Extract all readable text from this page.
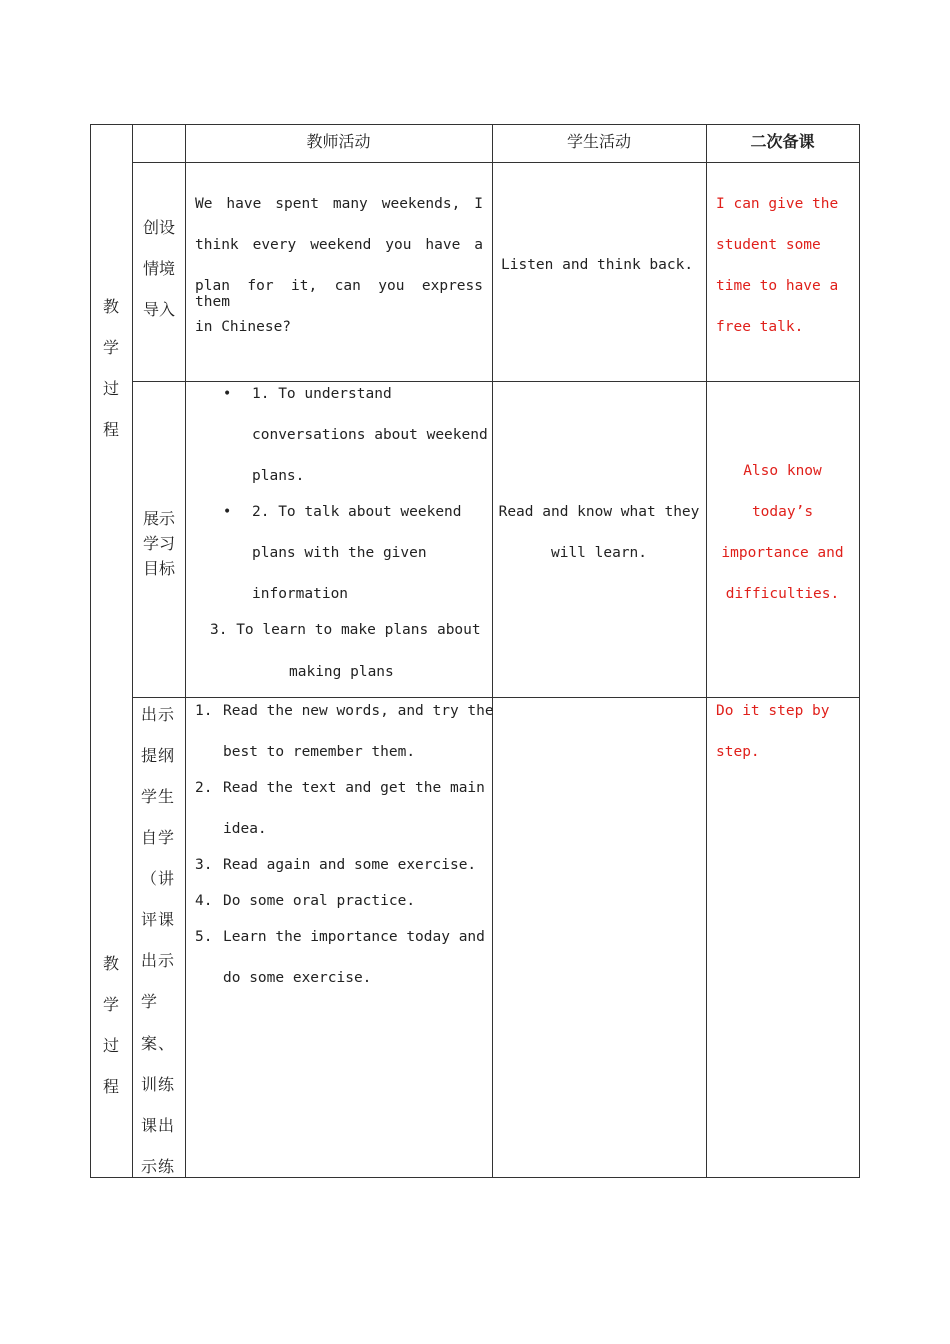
教师活动	学生活动	二次备课
教
学
过
程
教
学
过
程
创设
情境
导入
We have spent many weekends, I
think every weekend you have a
plan for it, can you express them
in Chinese?
Listen and think back.
I can give the
student some
time to have a
free talk.
展示
学习
目标
• 1. To understand
conversations about weekend
plans.
• 2. To talk about weekend
plans with the given
information
3. To learn to make plans about
making plans
Read and know what they
will learn.
Also know
today’s
importance and
difficulties.
出示
提纲
学生
自学
（讲
评课
出示
学
案、
训练
课出
示练
1. Read the new words, and try the
best to remember them.
2. Read the text and get the main
idea.
3. Read again and some exercise.
4. Do some oral practice.
5. Learn the importance today and
do some exercise.
Do it step by
step.
